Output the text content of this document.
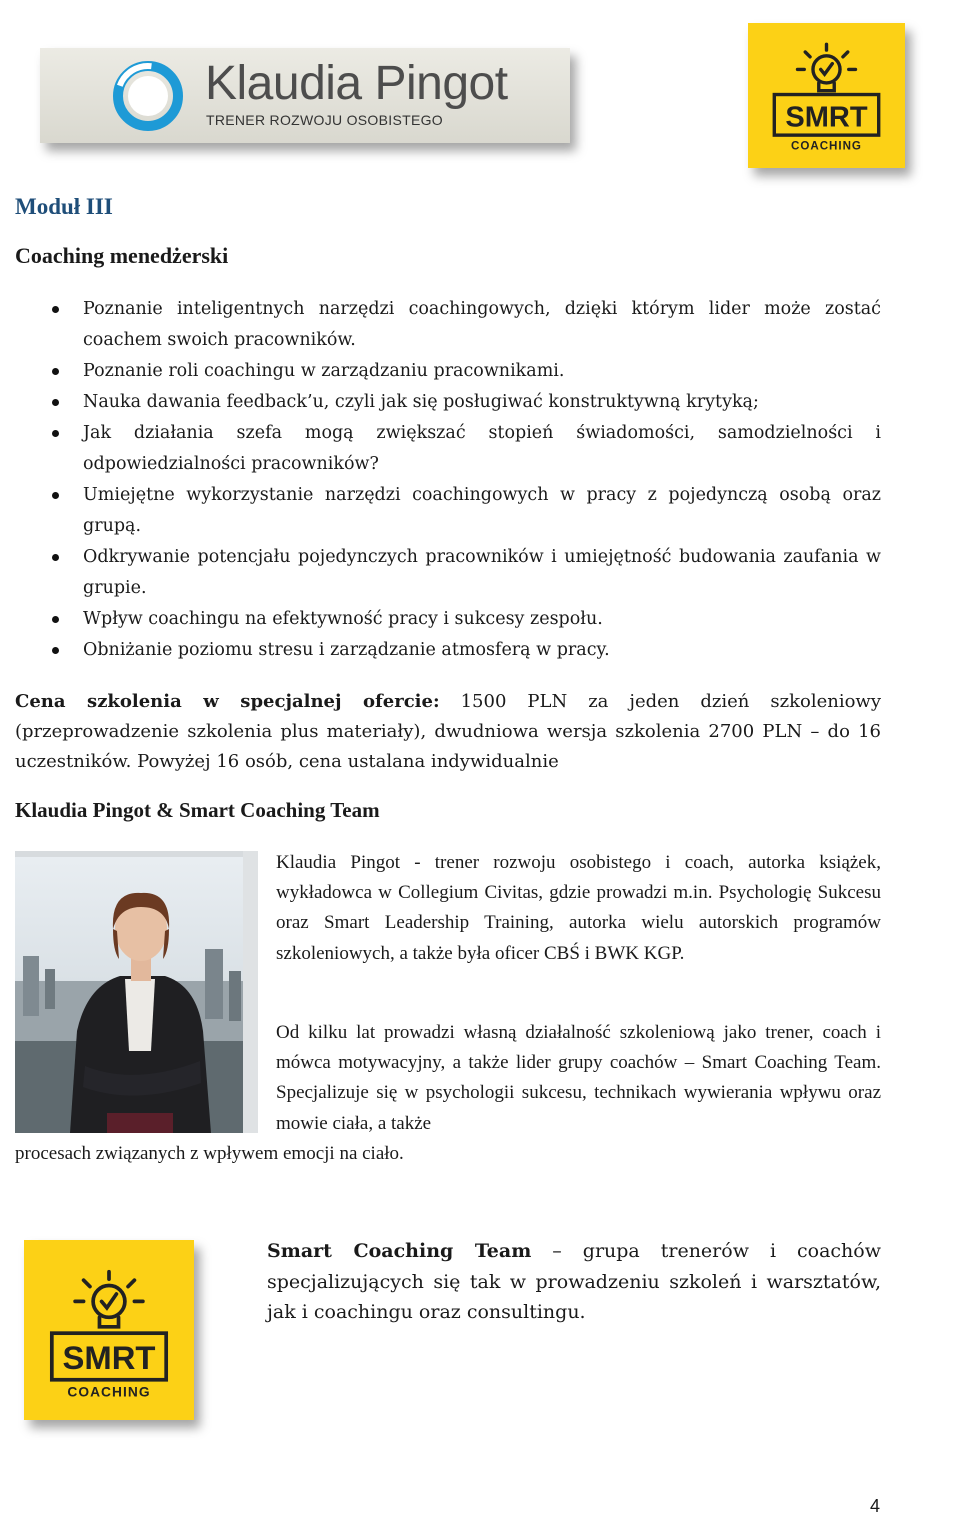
Klaudia Pingot
TRENER ROZWOJU OSOBISTEGO	SMRT
COACHING
Moduł III
Coaching menedżerski
Poznanie inteligentnych narzędzi coachingowych, dzięki którym lider może zostać coachem swoich pracowników.
Poznanie roli coachingu w zarządzaniu pracownikami.
Nauka dawania feedback’u, czyli jak się posługiwać konstruktywną krytyką;
Jak działania szefa mogą zwiększać stopień świadomości, samodzielności i odpowiedzialności pracowników?
Umiejętne wykorzystanie narzędzi coachingowych w pracy z pojedynczą osobą oraz grupą.
Odkrywanie potencjału pojedynczych pracowników i umiejętność budowania zaufania w grupie.
Wpływ coachingu na efektywność pracy i sukcesy zespołu.
Obniżanie poziomu stresu i zarządzanie atmosferą w pracy.
Cena szkolenia w specjalnej ofercie: 1500 PLN za jeden dzień szkoleniowy (przeprowadzenie szkolenia plus materiały), dwudniowa wersja szkolenia 2700 PLN – do 16 uczestników. Powyżej 16 osób, cena ustalana indywidualnie
Klaudia Pingot & Smart Coaching Team
Klaudia Pingot - trener rozwoju osobistego i coach, autorka książek, wykładowca w Collegium Civitas, gdzie prowadzi m.in. Psychologię Sukcesu oraz Smart Leadership Training, autorka wielu autorskich programów szkoleniowych, a także była oficer CBŚ i BWK KGP.
Od kilku lat prowadzi własną działalność szkoleniową jako trener, coach i mówca motywacyjny, a także lider grupy coachów – Smart Coaching Team. Specjalizuje się w psychologii sukcesu, technikach wywierania wpływu oraz mowie ciała, a także
procesach związanych z wpływem emocji na ciało.
SMRT
COACHING
Smart Coaching Team – grupa trenerów i coachów specjalizujących się tak w prowadzeniu szkoleń i warsztatów, jak i coachingu oraz consultingu.
4
